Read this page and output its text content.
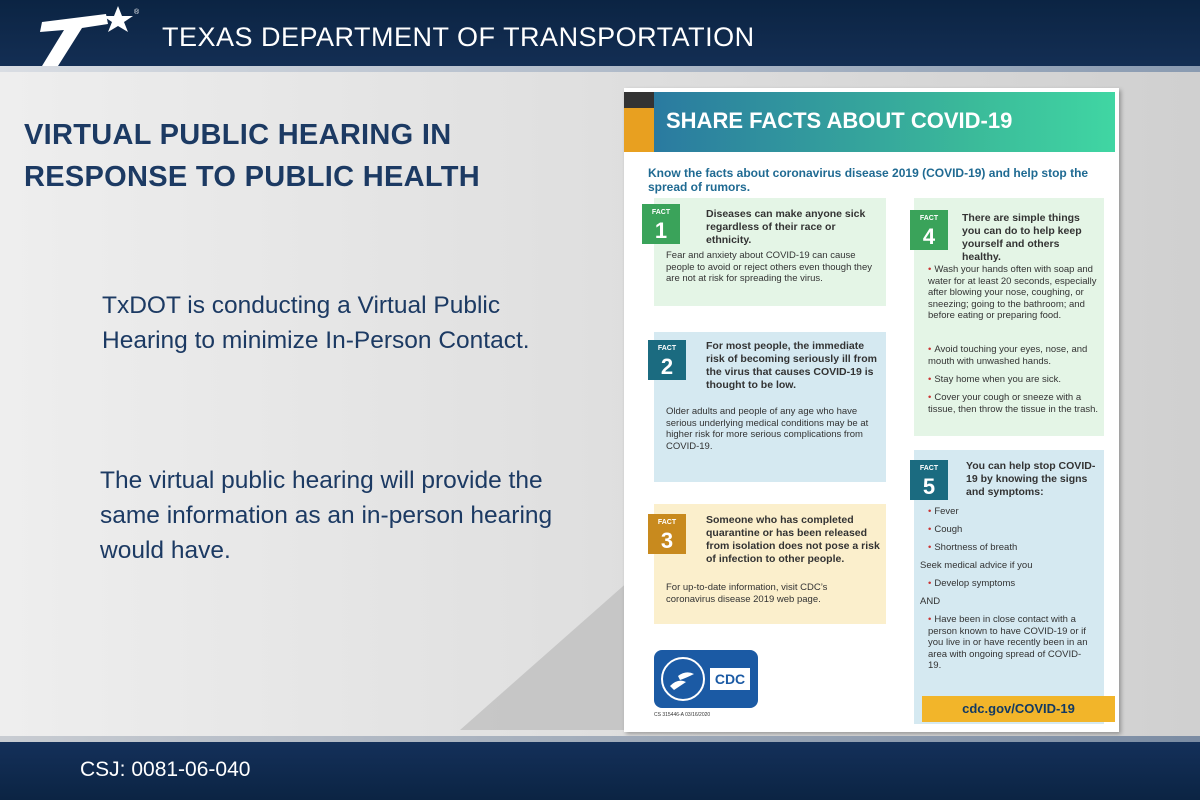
®
TEXAS DEPARTMENT OF TRANSPORTATION
VIRTUAL PUBLIC HEARING IN RESPONSE TO PUBLIC HEALTH
TxDOT is conducting a Virtual Public Hearing to minimize In-Person Contact.
The virtual public hearing will provide the same information as an in-person hearing would have.
SHARE FACTS ABOUT COVID-19
Know the facts about coronavirus disease 2019 (COVID-19) and help stop the spread of rumors.
FACT
1
Diseases can make anyone sick regardless of their race or ethnicity.
Fear and anxiety about COVID-19 can cause people to avoid or reject others even though they are not at risk for spreading the virus.
FACT
2
For most people, the immediate risk of becoming seriously ill from the virus that causes COVID-19 is thought to be low.
Older adults and people of any age who have serious underlying medical conditions may be at higher risk for more serious complications from COVID-19.
FACT
3
Someone who has completed quarantine or has been released from isolation does not pose a risk of infection to other people.
For up-to-date information, visit CDC’s coronavirus disease 2019 web page.
FACT
4
There are simple things you can do to help keep yourself and others healthy.
• Wash your hands often with soap and water for at least 20 seconds, especially after blowing your nose, coughing, or sneezing; going to the bathroom; and before eating or preparing food.
• Avoid touching your eyes, nose, and mouth with unwashed hands.
• Stay home when you are sick.
• Cover your cough or sneeze with a tissue, then throw the tissue in the trash.
FACT
5
You can help stop COVID-19 by knowing the signs and symptoms:
• Fever
• Cough
• Shortness of breath
Seek medical advice if you
• Develop symptoms
AND
• Have been in close contact with a person known to have COVID-19 or if you live in or have recently been in an area with ongoing spread of COVID-19.
CDC
CS 315446-A 03/16/2020	cdc.gov/COVID-19
CSJ: 0081-06-040
